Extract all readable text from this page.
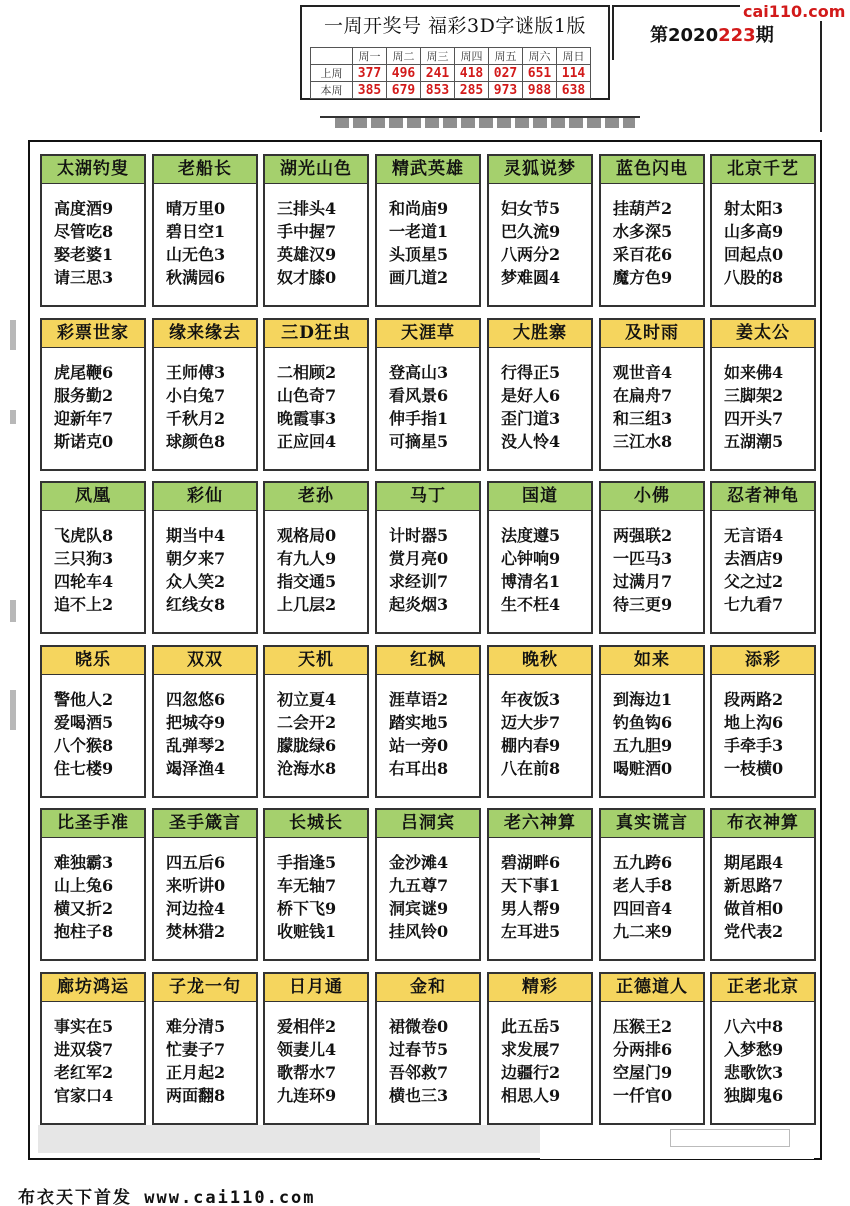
一周开奖号 福彩3D字谜版1版
	周一	周二	周三	周四	周五	周六	周日
上周	377	496	241	418	027	651	114
本周	385	679	853	285	973	988	638
第2020223期
cai110.com
太湖钓叟
高度酒9
尽管吃8
娶老婆1
请三思3
老船长
晴万里0
碧日空1
山无色3
秋满园6
湖光山色
三排头4
手中握7
英雄汉9
奴才膝0
精武英雄
和尚庙9
一老道1
头顶星5
画几道2
灵狐说梦
妇女节5
巴久流9
八两分2
梦难圆4
蓝色闪电
挂葫芦2
水多深5
采百花6
魔方色9
北京千艺
射太阳3
山多高9
回起点0
八股的8
彩票世家
虎尾鞭6
服务勤2
迎新年7
斯诺克0
缘来缘去
王师傅3
小白兔7
千秋月2
球颜色8
三D狂虫
二相顾2
山色奇7
晚霞事3
正应回4
天涯草
登高山3
看风景6
伸手指1
可摘星5
大胜寨
行得正5
是好人6
歪门道3
没人怜4
及时雨
观世音4
在扁舟7
和三组3
三江水8
姜太公
如来佛4
三脚架2
四开头7
五湖潮5
凤凰
飞虎队8
三只狗3
四轮车4
追不上2
彩仙
期当中4
朝夕来7
众人笑2
红线女8
老孙
观格局0
有九人9
指交通5
上几层2
马丁
计时器5
赏月亮0
求经训7
起炎烟3
国道
法度遵5
心钟响9
博清名1
生不枉4
小佛
两强联2
一匹马3
过满月7
待三更9
忍者神龟
无言语4
去酒店9
父之过2
七九看7
晓乐
警他人2
爱喝酒5
八个猴8
住七楼9
双双
四忽悠6
把城夺9
乱弹琴2
竭泽渔4
天机
初立夏4
二会开2
朦胧绿6
沧海水8
红枫
涯草语2
踏实地5
站一旁0
右耳出8
晚秋
年夜饭3
迈大步7
棚内春9
八在前8
如来
到海边1
钓鱼钩6
五九胆9
喝赃酒0
添彩
段两路2
地上沟6
手牵手3
一枝横0
比圣手准
难独霸3
山上兔6
横又折2
抱柱子8
圣手箴言
四五后6
来听讲0
河边捡4
焚林猎2
长城长
手指逢5
车无轴7
桥下飞9
收赃钱1
吕洞宾
金沙滩4
九五尊7
洞宾谜9
挂风铃0
老六神算
碧湖畔6
天下事1
男人帮9
左耳进5
真实谎言
五九跨6
老人手8
四回音4
九二来9
布衣神算
期尾跟4
新思路7
做首相0
党代表2
廊坊鸿运
事实在5
进双袋7
老红军2
官家口4
子龙一句
难分清5
忙妻子7
正月起2
两面翻8
日月通
爱相伴2
领妻儿4
歌帮水7
九连环9
金和
裙微卷0
过春节5
吾邻救7
横也三3
精彩
此五岳5
求发展7
边疆行2
相思人9
正德道人
压猴王2
分两排6
空屋门9
一仟官0
正老北京
八六中8
入梦愁9
悲歌饮3
独脚鬼6
布衣天下首发 www.cai110.com
